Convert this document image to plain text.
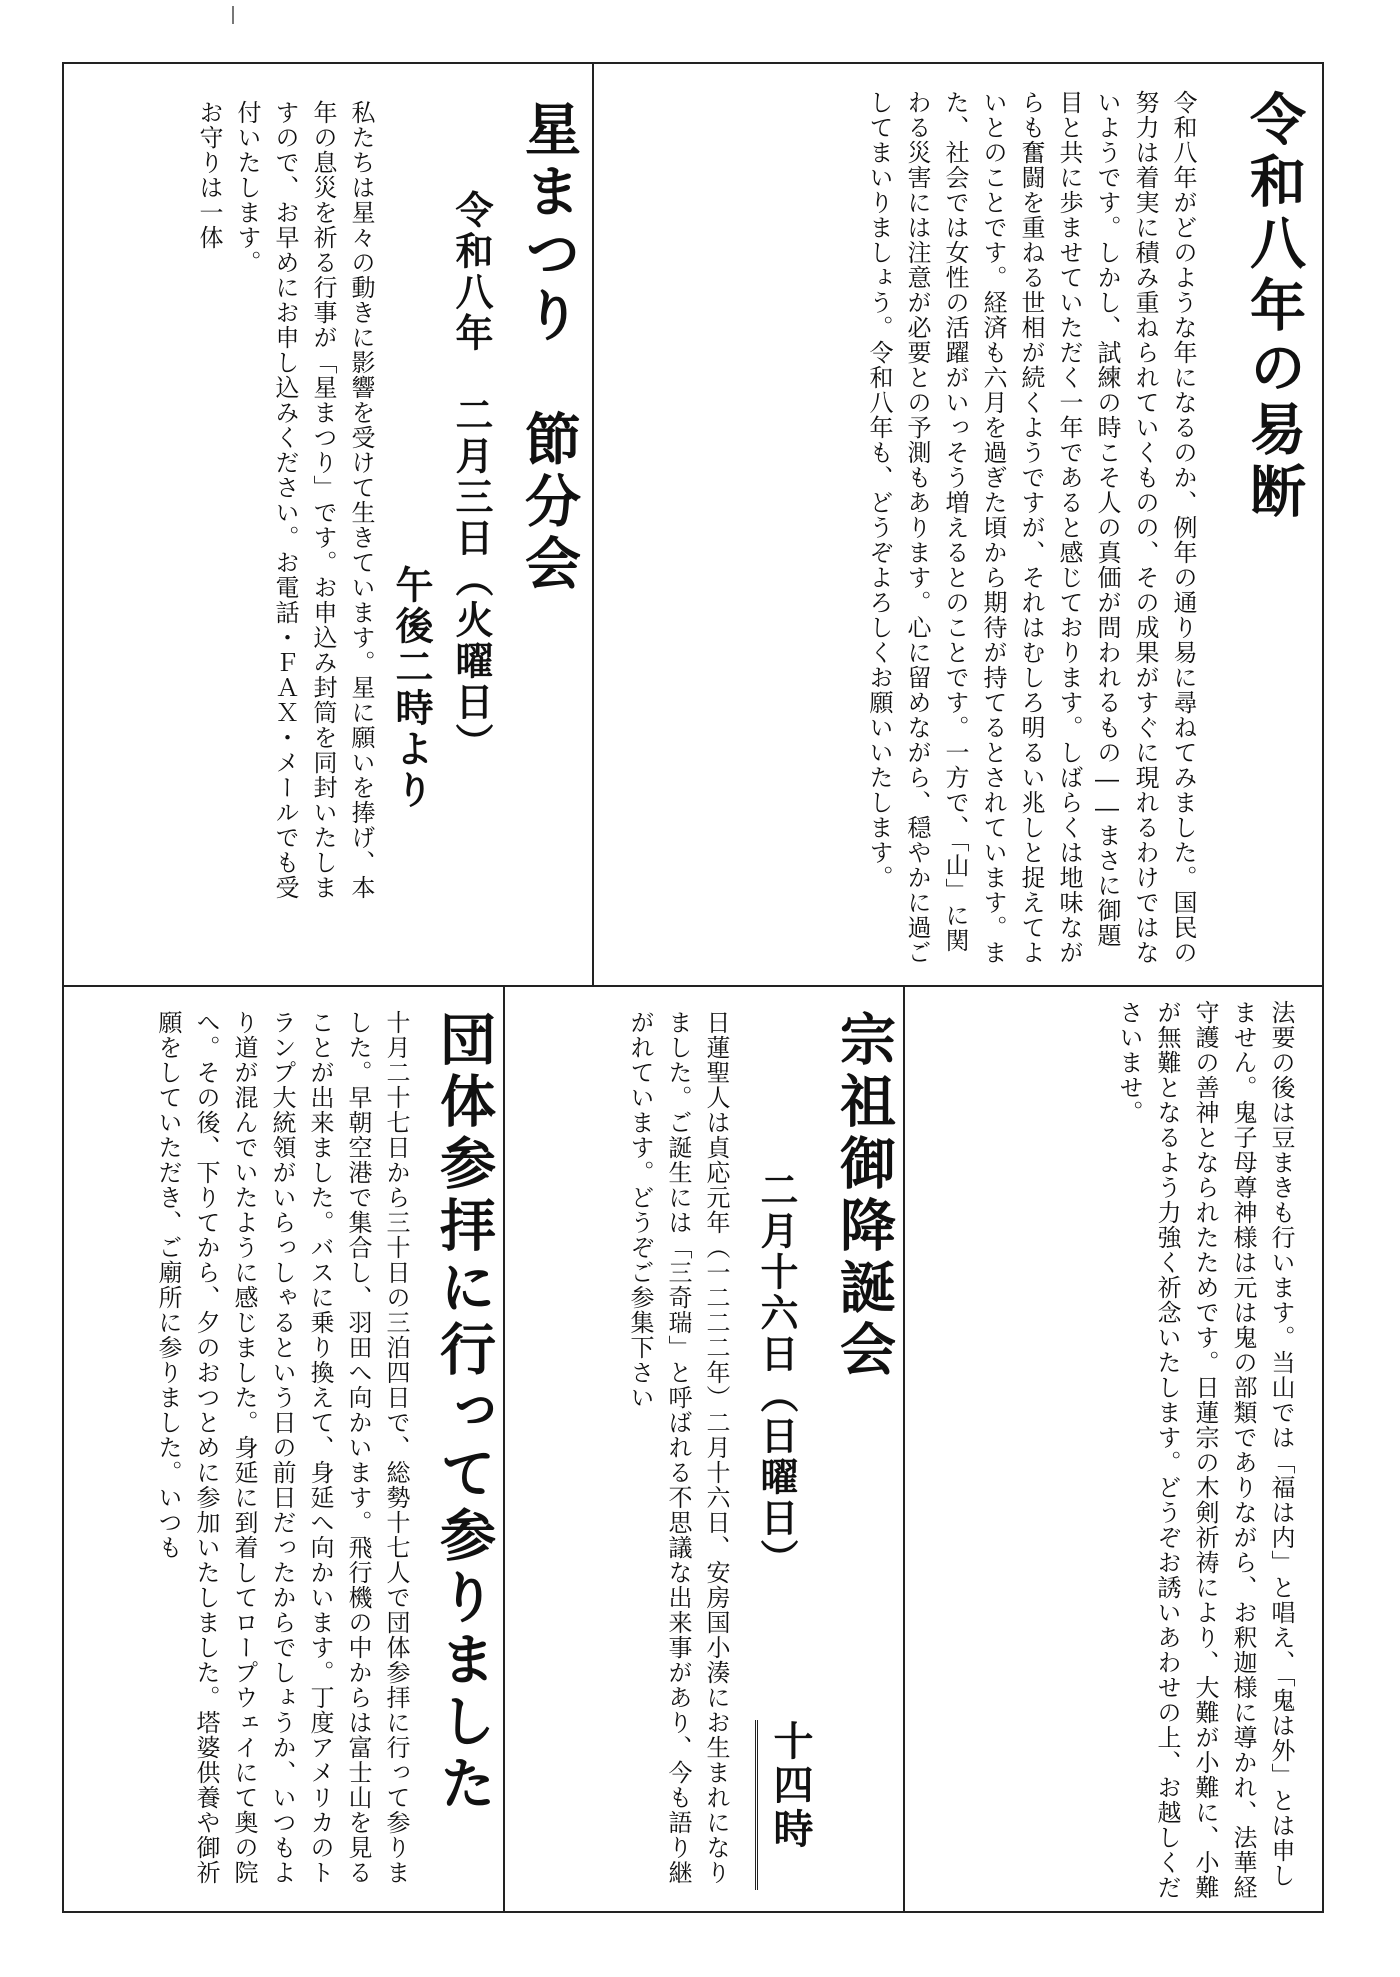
令和八年の易断
令和八年がどのような年になるのか、例年の通り易に尋ねてみました。国民の努力は着実に積み重ねられていくものの、その成果がすぐに現れるわけではないようです。しかし、試練の時こそ人の真価が問われるもの――まさに御題目と共に歩ませていただく一年であると感じております。しばらくは地味ながらも奮闘を重ねる世相が続くようですが、それはむしろ明るい兆しと捉えてよいとのことです。経済も六月を過ぎた頃から期待が持てるとされています。また、社会では女性の活躍がいっそう増えるとのことです。一方で、「山」に関わる災害には注意が必要との予測もあります。心に留めながら、穏やかに過ごしてまいりましょう。令和八年も、どうぞよろしくお願いいたします。
星まつり　節分会
令和八年　二月三日（火曜日）
午後二時より

私たちは星々の動きに影響を受けて生きています。星に願いを捧げ、本年の息災を祈る行事が「星まつり」です。お申込み封筒を同封いたしますので、お早めにお申し込みください。お電話・ＦＡＸ・メールでも受付いたします。

お守りは一体

法要の後は豆まきも行います。当山では「福は内」と唱え、「鬼は外」とは申しません。鬼子母尊神様は元は鬼の部類でありながら、お釈迦様に導かれ、法華経守護の善神となられたためです。日蓮宗の木剣祈祷により、大難が小難に、小難が無難となるよう力強く祈念いたします。どうぞお誘いあわせの上、お越しくださいませ。
宗祖御降誕会
二月十六日（日曜日）
十四時
日蓮聖人は貞応元年（一二二二年）二月十六日、安房国小湊にお生まれになりました。ご誕生には「三奇瑞」と呼ばれる不思議な出来事があり、今も語り継がれています。どうぞご参集下さい
団体参拝に行って参りました
十月二十七日から三十日の三泊四日で、総勢十七人で団体参拝に行って参りました。早朝空港で集合し、羽田へ向かいます。飛行機の中からは富士山を見ることが出来ました。バスに乗り換えて、身延へ向かいます。丁度アメリカのトランプ大統領がいらっしゃるという日の前日だったからでしょうか、いつもより道が混んでいたように感じました。身延に到着してロープウェイにて奥の院へ。その後、下りてから、夕のおつとめに参加いたしました。塔婆供養や御祈願をしていただき、ご廟所に参りました。いつも
